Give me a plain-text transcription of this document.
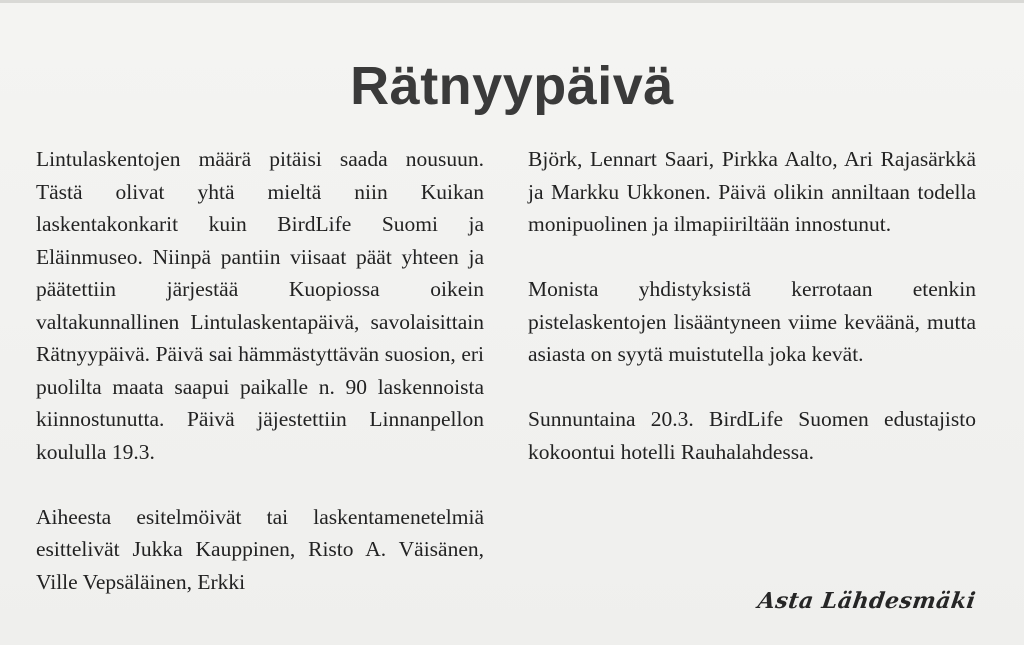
Rätnyypäivä

Lintulaskentojen määrä pitäisi saada nousuun. Tästä olivat yhtä mieltä niin Kuikan laskentakonkarit kuin BirdLife Suomi ja Eläinmuseo. Niinpä pantiin viisaat päät yhteen ja päätettiin järjestää Kuopiossa oikein valtakunnallinen Lintulaskentapäivä, savolaisittain Rätnyypäivä. Päivä sai hämmästyttävän suosion, eri puolilta maata saapui paikalle n. 90 laskennoista kiinnostunutta. Päivä jäjestettiin Linnanpellon koululla 19.3.

Aiheesta esitelmöivät tai laskentamenetelmiä esittelivät Jukka Kauppinen, Risto A. Väisänen, Ville Vepsäläinen, Erkki

Björk, Lennart Saari, Pirkka Aalto, Ari Rajasärkkä ja Markku Ukkonen. Päivä olikin anniltaan todella monipuolinen ja ilmapiiriltään innostunut.

Monista yhdistyksistä kerrotaan etenkin pistelaskentojen lisääntyneen viime keväänä, mutta asiasta on syytä muistutella joka kevät.

Sunnuntaina 20.3. BirdLife Suomen edustajisto kokoontui hotelli Rauhalahdessa.

Asta Lähdesmäki
